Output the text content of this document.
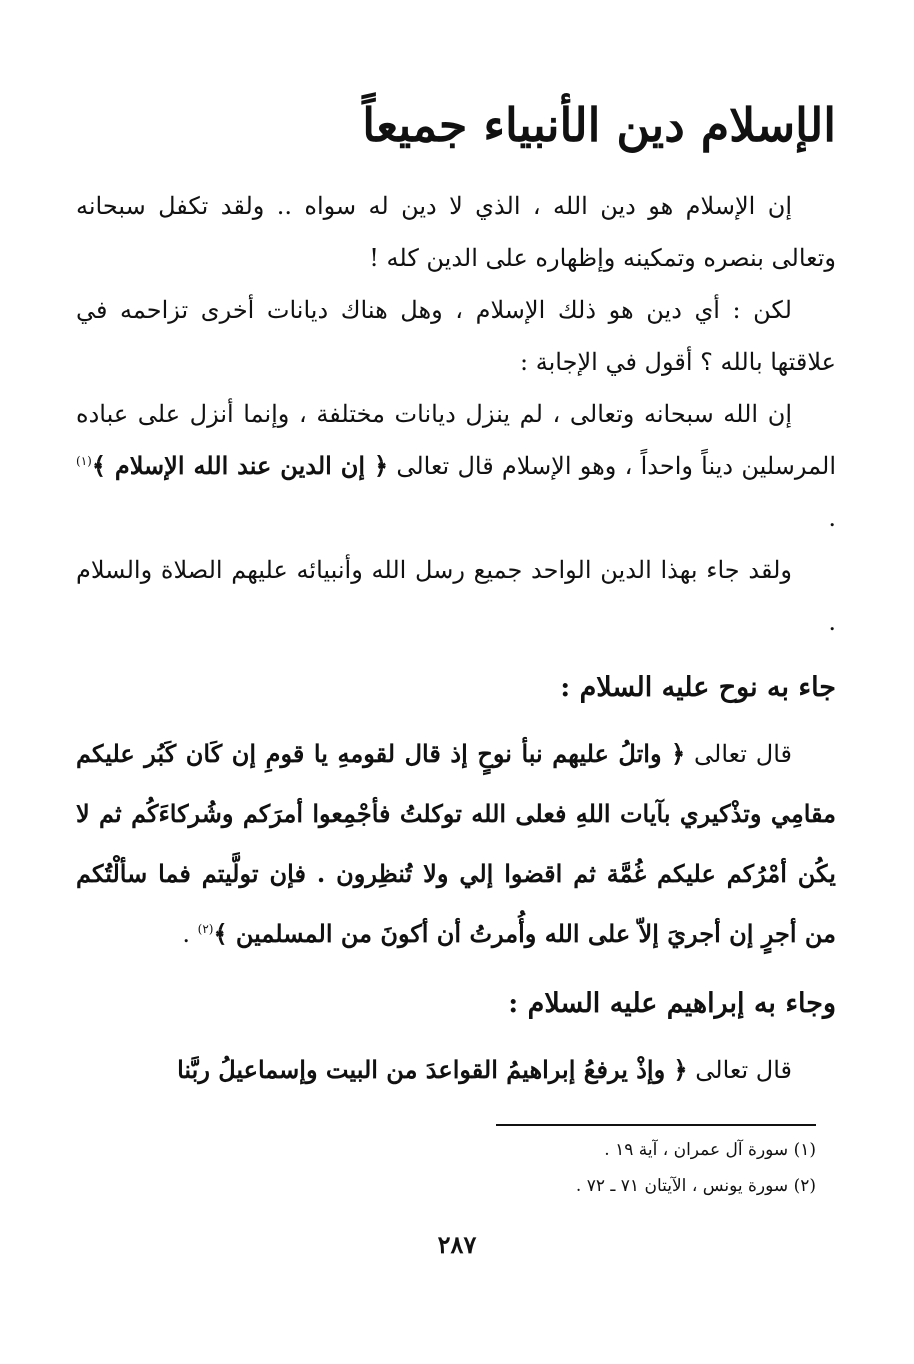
الإسلام دين الأنبياء جميعاً

إن الإسلام هو دين الله ، الذي لا دين له سواه .. ولقد تكفل سبحانه وتعالى بنصره وتمكينه وإظهاره على الدين كله !

لكن : أي دين هو ذلك الإسلام ، وهل هناك ديانات أخرى تزاحمه في علاقتها بالله ؟ أقول في الإجابة :

إن الله سبحانه وتعالى ، لم ينزل ديانات مختلفة ، وإنما أنزل على عباده المرسلين ديناً واحداً ، وهو الإسلام قال تعالى ﴿ إن الدين عند الله الإسلام ﴾$^{(١)}$ .

ولقد جاء بهذا الدين الواحد جميع رسل الله وأنبيائه عليهم الصلاة والسلام .

جاء به نوح عليه السلام :

قال تعالى ﴿ واتلُ عليهم نبأ نوحٍ إذ قال لقومهِ يا قومِ إن كَان كَبُر عليكم مقامِي وتذْكيري بآيات اللهِ فعلى الله توكلتُ فأجْمِعوا أمرَكم وشُركاءَكُم ثم لا يكُن أمْرُكم عليكم غُمَّة ثم اقضوا إلي ولا تُنظِرون . فإن تولَّيتم فما سألْتُكم من أجرٍ إن أجريَ إلاّ على الله وأُمرتُ أن أكونَ من المسلمين ﴾$^{(٢)}$ .

وجاء به إبراهيم عليه السلام :

قال تعالى ﴿ وإذْ يرفعُ إبراهيمُ القواعدَ من البيت وإسماعيلُ ربَّنا

(١) سورة آل عمران ، آية ١٩ .
(٢) سورة يونس ، الآيتان ٧١ ـ ٧٢ .
٢٨٧
